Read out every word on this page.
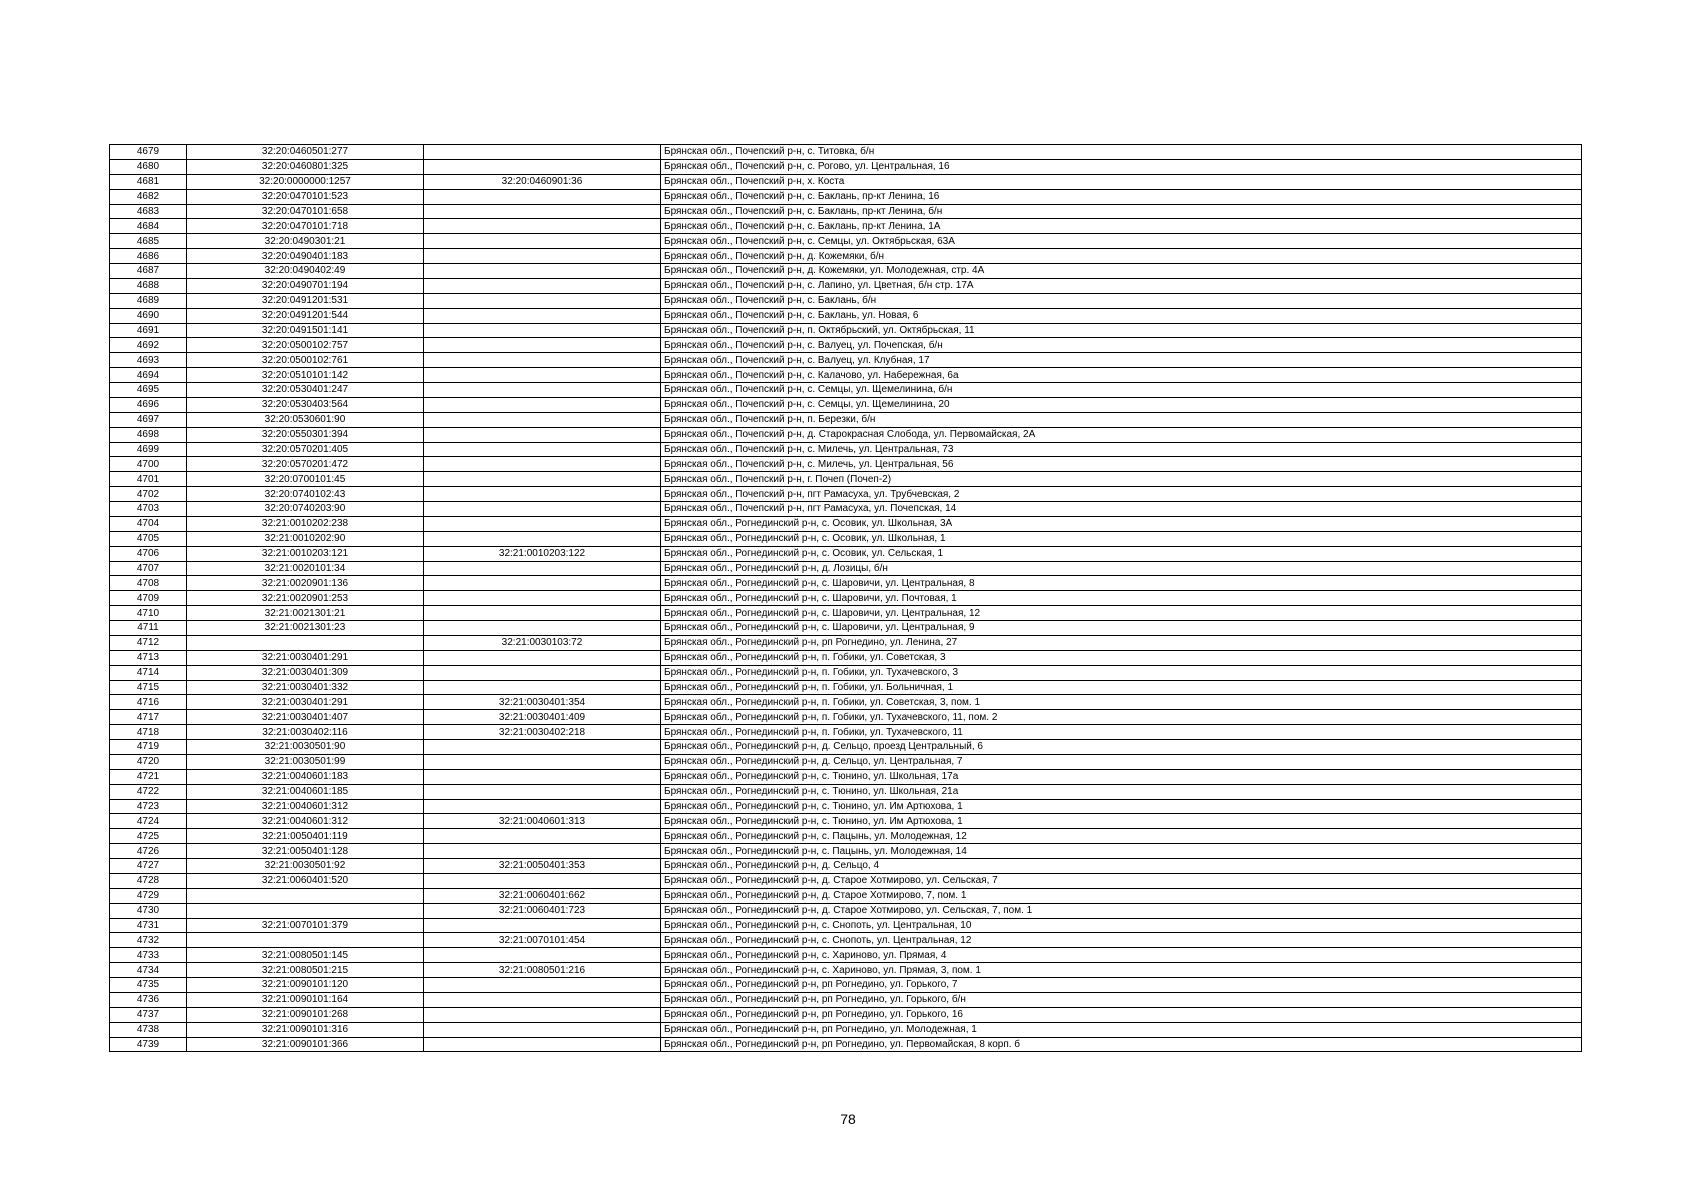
4679	32:20:0460501:277		Брянская обл., Почепский р-н, с. Титовка, б/н
4680	32:20:0460801:325		Брянская обл., Почепский р-н, с. Рогово, ул. Центральная, 16
4681	32:20:0000000:1257	32:20:0460901:36	Брянская обл., Почепский р-н, х. Коста
4682	32:20:0470101:523		Брянская обл., Почепский р-н, с. Баклань, пр-кт Ленина, 16
4683	32:20:0470101:658		Брянская обл., Почепский р-н, с. Баклань, пр-кт Ленина, б/н
4684	32:20:0470101:718		Брянская обл., Почепский р-н, с. Баклань, пр-кт Ленина, 1А
4685	32:20:0490301:21		Брянская обл., Почепский р-н, с. Семцы, ул. Октябрьская, 63А
4686	32:20:0490401:183		Брянская обл., Почепский р-н, д. Кожемяки, б/н
4687	32:20:0490402:49		Брянская обл., Почепский р-н, д. Кожемяки, ул. Молодежная, стр. 4А
4688	32:20:0490701:194		Брянская обл., Почепский р-н, с. Лапино, ул. Цветная, б/н стр. 17А
4689	32:20:0491201:531		Брянская обл., Почепский р-н, с. Баклань, б/н
4690	32:20:0491201:544		Брянская обл., Почепский р-н, с. Баклань, ул. Новая, 6
4691	32:20:0491501:141		Брянская обл., Почепский р-н, п. Октябрьский, ул. Октябрьская, 11
4692	32:20:0500102:757		Брянская обл., Почепский р-н, с. Валуец, ул. Почепская, б/н
4693	32:20:0500102:761		Брянская обл., Почепский р-н, с. Валуец, ул. Клубная, 17
4694	32:20:0510101:142		Брянская обл., Почепский р-н, с. Калачово, ул. Набережная, 6а
4695	32:20:0530401:247		Брянская обл., Почепский р-н, с. Семцы, ул. Щемелинина, б/н
4696	32:20:0530403:564		Брянская обл., Почепский р-н, с. Семцы, ул. Щемелинина, 20
4697	32:20:0530601:90		Брянская обл., Почепский р-н, п. Березки, б/н
4698	32:20:0550301:394		Брянская обл., Почепский р-н, д. Старокрасная Слобода, ул. Первомайская, 2А
4699	32:20:0570201:405		Брянская обл., Почепский р-н, с. Милечь, ул. Центральная, 73
4700	32:20:0570201:472		Брянская обл., Почепский р-н, с. Милечь, ул. Центральная, 56
4701	32:20:0700101:45		Брянская обл., Почепский р-н, г. Почеп (Почеп-2)
4702	32:20:0740102:43		Брянская обл., Почепский р-н, пгт Рамасуха, ул. Трубчевская, 2
4703	32:20:0740203:90		Брянская обл., Почепский р-н, пгт Рамасуха, ул. Почепская, 14
4704	32:21:0010202:238		Брянская обл., Рогнединский р-н, с. Осовик, ул. Школьная, 3А
4705	32:21:0010202:90		Брянская обл., Рогнединский р-н, с. Осовик, ул. Школьная, 1
4706	32:21:0010203:121	32:21:0010203:122	Брянская обл., Рогнединский р-н, с. Осовик, ул. Сельская, 1
4707	32:21:0020101:34		Брянская обл., Рогнединский р-н, д. Лозицы, б/н
4708	32:21:0020901:136		Брянская обл., Рогнединский р-н, с. Шаровичи, ул. Центральная, 8
4709	32:21:0020901:253		Брянская обл., Рогнединский р-н, с. Шаровичи, ул. Почтовая, 1
4710	32:21:0021301:21		Брянская обл., Рогнединский р-н, с. Шаровичи, ул. Центральная, 12
4711	32:21:0021301:23		Брянская обл., Рогнединский р-н, с. Шаровичи, ул. Центральная, 9
4712		32:21:0030103:72	Брянская обл., Рогнединский р-н, рп Рогнедино, ул. Ленина, 27
4713	32:21:0030401:291		Брянская обл., Рогнединский р-н, п. Гобики, ул. Советская, 3
4714	32:21:0030401:309		Брянская обл., Рогнединский р-н, п. Гобики, ул. Тухачевского, 3
4715	32:21:0030401:332		Брянская обл., Рогнединский р-н, п. Гобики, ул. Больничная, 1
4716	32:21:0030401:291	32:21:0030401:354	Брянская обл., Рогнединский р-н, п. Гобики, ул. Советская, 3, пом. 1
4717	32:21:0030401:407	32:21:0030401:409	Брянская обл., Рогнединский р-н, п. Гобики, ул. Тухачевского, 11, пом. 2
4718	32:21:0030402:116	32:21:0030402:218	Брянская обл., Рогнединский р-н, п. Гобики, ул. Тухачевского, 11
4719	32:21:0030501:90		Брянская обл., Рогнединский р-н, д. Сельцо, проезд Центральный, 6
4720	32:21:0030501:99		Брянская обл., Рогнединский р-н, д. Сельцо, ул. Центральная, 7
4721	32:21:0040601:183		Брянская обл., Рогнединский р-н, с. Тюнино, ул. Школьная, 17а
4722	32:21:0040601:185		Брянская обл., Рогнединский р-н, с. Тюнино, ул. Школьная, 21а
4723	32:21:0040601:312		Брянская обл., Рогнединский р-н, с. Тюнино, ул. Им Артюхова, 1
4724	32:21:0040601:312	32:21:0040601:313	Брянская обл., Рогнединский р-н, с. Тюнино, ул. Им Артюхова, 1
4725	32:21:0050401:119		Брянская обл., Рогнединский р-н, с. Пацынь, ул. Молодежная, 12
4726	32:21:0050401:128		Брянская обл., Рогнединский р-н, с. Пацынь, ул. Молодежная, 14
4727	32:21:0030501:92	32:21:0050401:353	Брянская обл., Рогнединский р-н, д. Сельцо, 4
4728	32:21:0060401:520		Брянская обл., Рогнединский р-н, д. Старое Хотмирово, ул. Сельская, 7
4729		32:21:0060401:662	Брянская обл., Рогнединский р-н, д. Старое Хотмирово, 7, пом. 1
4730		32:21:0060401:723	Брянская обл., Рогнединский р-н, д. Старое Хотмирово, ул. Сельская, 7, пом. 1
4731	32:21:0070101:379		Брянская обл., Рогнединский р-н, с. Снопоть, ул. Центральная, 10
4732		32:21:0070101:454	Брянская обл., Рогнединский р-н, с. Снопоть, ул. Центральная, 12
4733	32:21:0080501:145		Брянская обл., Рогнединский р-н, с. Хариново, ул. Прямая, 4
4734	32:21:0080501:215	32:21:0080501:216	Брянская обл., Рогнединский р-н, с. Хариново, ул. Прямая, 3, пом. 1
4735	32:21:0090101:120		Брянская обл., Рогнединский р-н, рп Рогнедино, ул. Горького, 7
4736	32:21:0090101:164		Брянская обл., Рогнединский р-н, рп Рогнедино, ул. Горького, б/н
4737	32:21:0090101:268		Брянская обл., Рогнединский р-н, рп Рогнедино, ул. Горького, 16
4738	32:21:0090101:316		Брянская обл., Рогнединский р-н, рп Рогнедино, ул. Молодежная, 1
4739	32:21:0090101:366		Брянская обл., Рогнединский р-н, рп Рогнедино, ул. Первомайская, 8 корп. б
78
